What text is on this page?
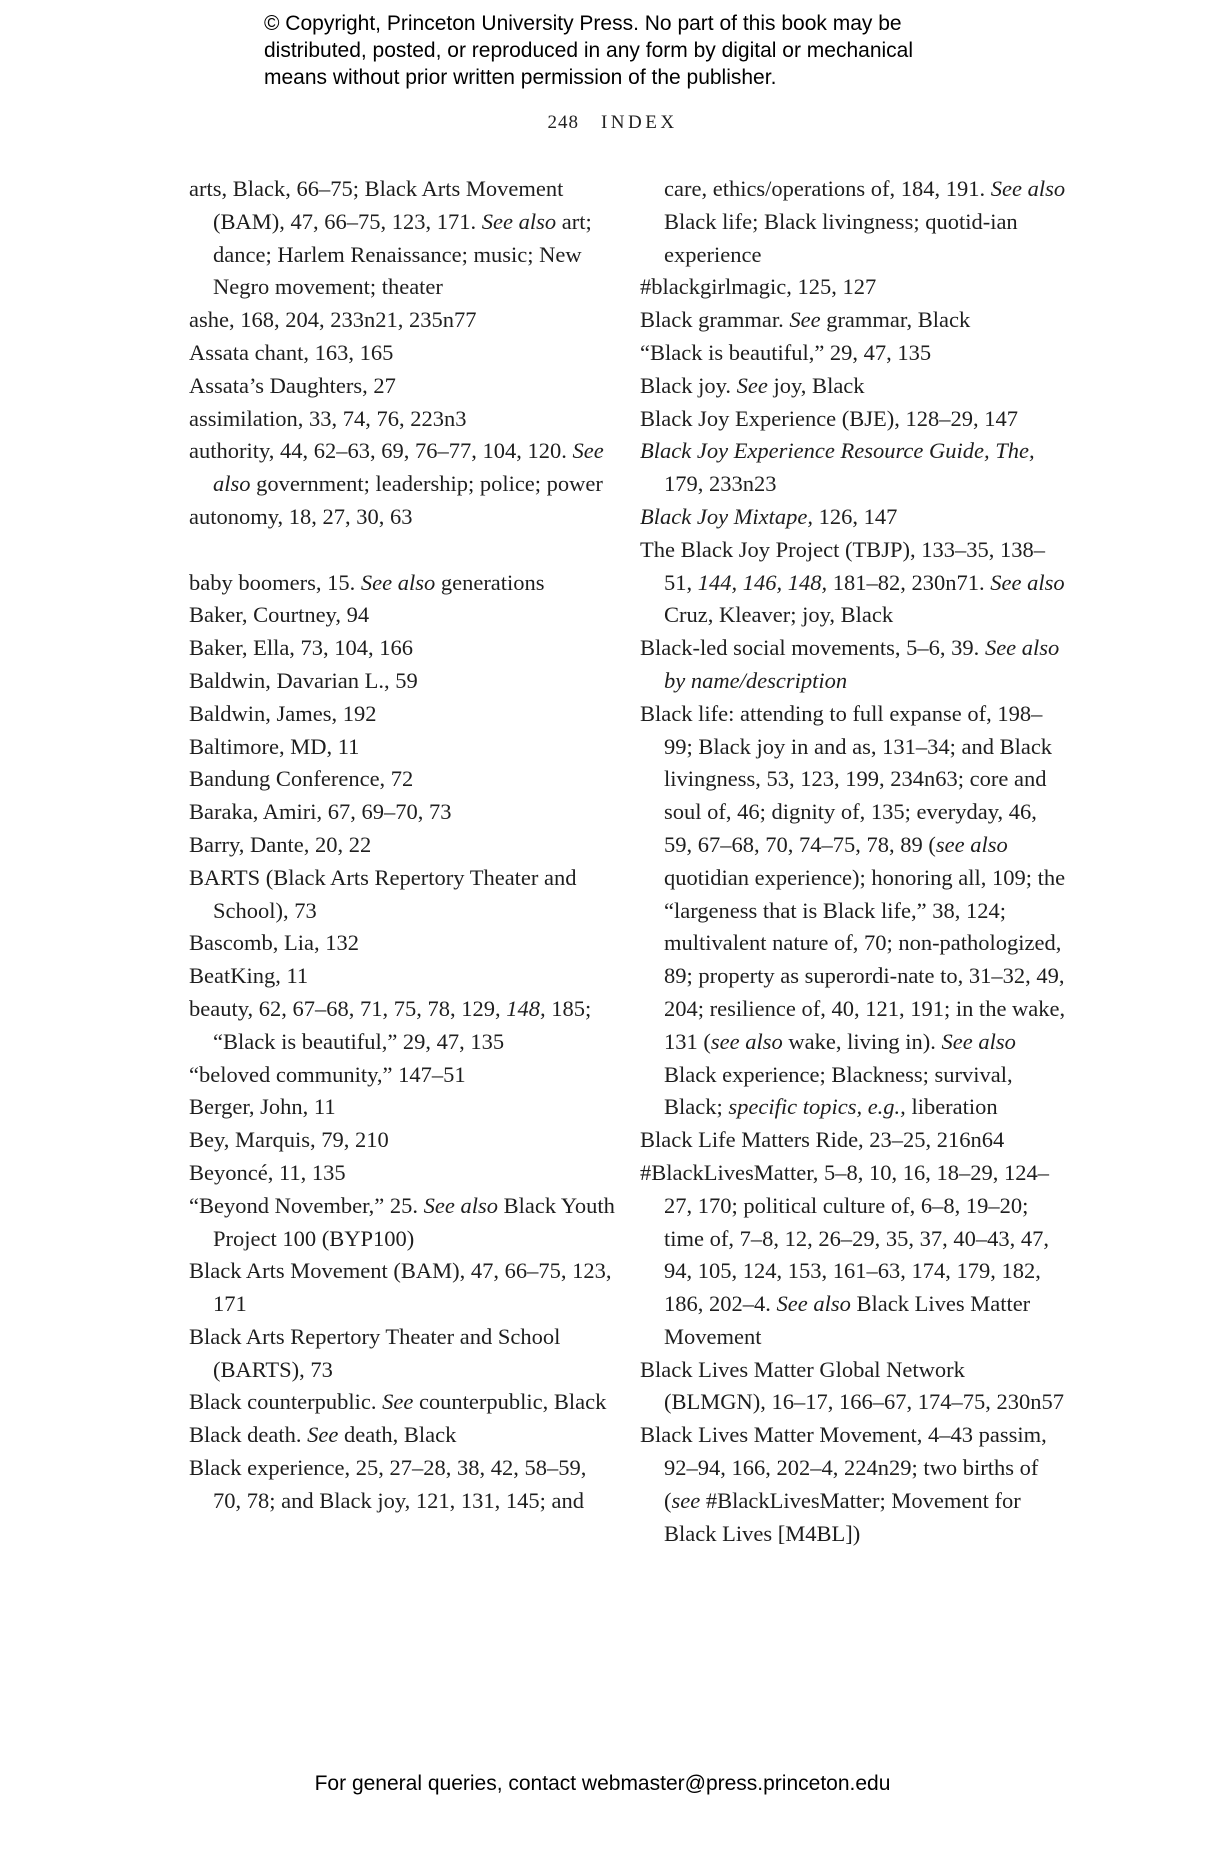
© Copyright, Princeton University Press. No part of this book may be
distributed, posted, or reproduced in any form by digital or mechanical
means without prior written permission of the publisher.
248 INDEX

arts, Black, 66–75; Black Arts Movement (BAM), 47, 66–75, 123, 171. See also art; dance; Harlem Renaissance; music; New Negro movement; theater

ashe, 168, 204, 233n21, 235n77

Assata chant, 163, 165

Assata’s Daughters, 27

assimilation, 33, 74, 76, 223n3

authority, 44, 62–63, 69, 76–77, 104, 120. See also government; leadership; police; power

autonomy, 18, 27, 30, 63

baby boomers, 15. See also generations

Baker, Courtney, 94

Baker, Ella, 73, 104, 166

Baldwin, Davarian L., 59

Baldwin, James, 192

Baltimore, MD, 11

Bandung Conference, 72

Baraka, Amiri, 67, 69–70, 73

Barry, Dante, 20, 22

BARTS (Black Arts Repertory Theater and School), 73

Bascomb, Lia, 132

BeatKing, 11

beauty, 62, 67–68, 71, 75, 78, 129, 148, 185; “Black is beautiful,” 29, 47, 135

“beloved community,” 147–51

Berger, John, 11

Bey, Marquis, 79, 210

Beyoncé, 11, 135

“Beyond November,” 25. See also Black Youth Project 100 (BYP100)

Black Arts Movement (BAM), 47, 66–75, 123, 171

Black Arts Repertory Theater and School (BARTS), 73

Black counterpublic. See counterpublic, Black

Black death. See death, Black

Black experience, 25, 27–28, 38, 42, 58–59, 70, 78; and Black joy, 121, 131, 145; and

care, ethics/operations of, 184, 191. See also Black life; Black livingness; quotid-ian experience

#blackgirlmagic, 125, 127

Black grammar. See grammar, Black

“Black is beautiful,” 29, 47, 135

Black joy. See joy, Black

Black Joy Experience (BJE), 128–29, 147

Black Joy Experience Resource Guide, The, 179, 233n23

Black Joy Mixtape, 126, 147

The Black Joy Project (TBJP), 133–35, 138–51, 144, 146, 148, 181–82, 230n71. See also Cruz, Kleaver; joy, Black

Black-led social movements, 5–6, 39. See also by name/description

Black life: attending to full expanse of, 198–99; Black joy in and as, 131–34; and Black livingness, 53, 123, 199, 234n63; core and soul of, 46; dignity of, 135; everyday, 46, 59, 67–68, 70, 74–75, 78, 89 (see also quotidian experience); honoring all, 109; the “largeness that is Black life,” 38, 124; multivalent nature of, 70; non-pathologized, 89; property as superordi-nate to, 31–32, 49, 204; resilience of, 40, 121, 191; in the wake, 131 (see also wake, living in). See also Black experience; Blackness; survival, Black; specific topics, e.g., liberation

Black Life Matters Ride, 23–25, 216n64

#BlackLivesMatter, 5–8, 10, 16, 18–29, 124–27, 170; political culture of, 6–8, 19–20; time of, 7–8, 12, 26–29, 35, 37, 40–43, 47, 94, 105, 124, 153, 161–63, 174, 179, 182, 186, 202–4. See also Black Lives Matter Movement

Black Lives Matter Global Network (BLMGN), 16–17, 166–67, 174–75, 230n57

Black Lives Matter Movement, 4–43 passim, 92–94, 166, 202–4, 224n29; two births of (see #BlackLivesMatter; Movement for Black Lives [M4BL])

For general queries, contact webmaster@press.princeton.edu
